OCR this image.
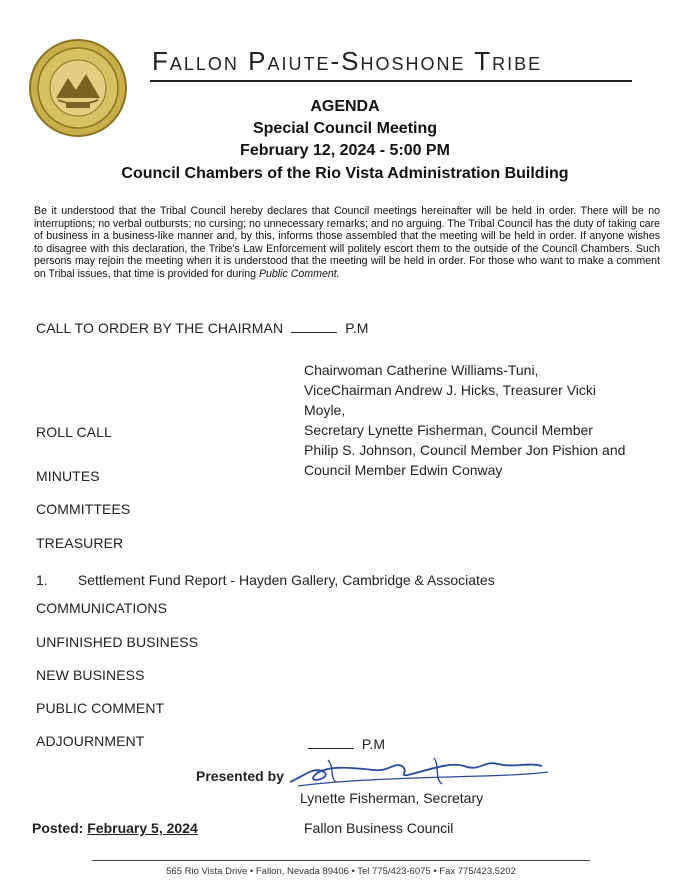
Fallon Paiute-Shoshone Tribe
AGENDA
Special Council Meeting
February 12, 2024 - 5:00 PM
Council Chambers of the Rio Vista Administration Building
Be it understood that the Tribal Council hereby declares that Council meetings hereinafter will be held in order. There will be no interruptions; no verbal outbursts; no cursing; no unnecessary remarks; and no arguing. The Tribal Council has the duty of taking care of business in a business-like manner and, by this, informs those assembled that the meeting will be held in order. If anyone wishes to disagree with this declaration, the Tribe's Law Enforcement will politely escort them to the outside of the Council Chambers. Such persons may rejoin the meeting when it is understood that the meeting will be held in order. For those who want to make a comment on Tribal issues, that time is provided for during Public Comment.
CALL TO ORDER BY THE CHAIRMAN	P.M
Chairwoman Catherine Williams-Tuni,
ViceChairman Andrew J. Hicks, Treasurer Vicki
Moyle,
Secretary Lynette Fisherman, Council Member
Philip S. Johnson, Council Member Jon Pishion and
Council Member Edwin Conway
ROLL CALL
MINUTES
COMMITTEES
TREASURER
1. Settlement Fund Report - Hayden Gallery, Cambridge & Associates
COMMUNICATIONS
UNFINISHED BUSINESS
NEW BUSINESS
PUBLIC COMMENT
ADJOURNMENT	P.M
Presented by
Lynette Fisherman, Secretary
Fallon Business Council
Posted: February 5, 2024
565 Rio Vista Drive • Fallon, Nevada 89406 • Tel 775/423-6075 • Fax 775/423.5202
